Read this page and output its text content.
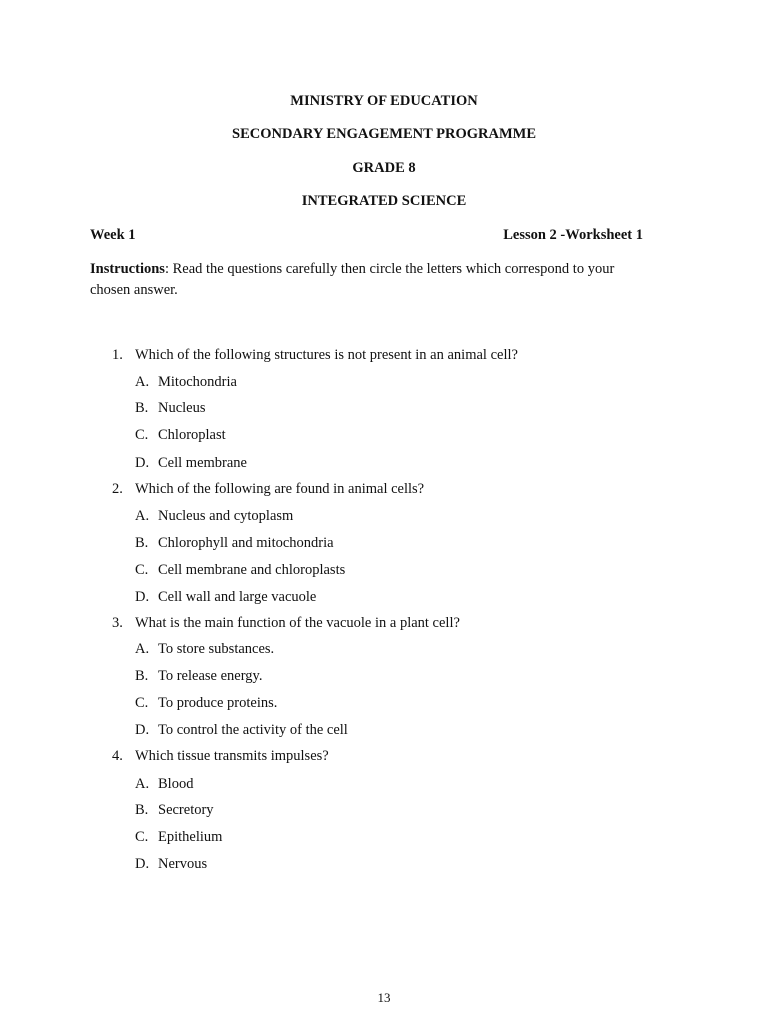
MINISTRY OF EDUCATION
SECONDARY ENGAGEMENT PROGRAMME
GRADE 8
INTEGRATED SCIENCE
Week 1	Lesson 2 -Worksheet 1
Instructions: Read the questions carefully then circle the letters which correspond to your chosen answer.
1. Which of the following structures is not present in an animal cell?
A. Mitochondria
B. Nucleus
C. Chloroplast
D. Cell membrane
2. Which of the following are found in animal cells?
A. Nucleus and cytoplasm
B. Chlorophyll and mitochondria
C. Cell membrane and chloroplasts
D. Cell wall and large vacuole
3. What is the main function of the vacuole in a plant cell?
A. To store substances.
B. To release energy.
C. To produce proteins.
D. To control the activity of the cell
4. Which tissue transmits impulses?
A. Blood
B. Secretory
C. Epithelium
D. Nervous
13
